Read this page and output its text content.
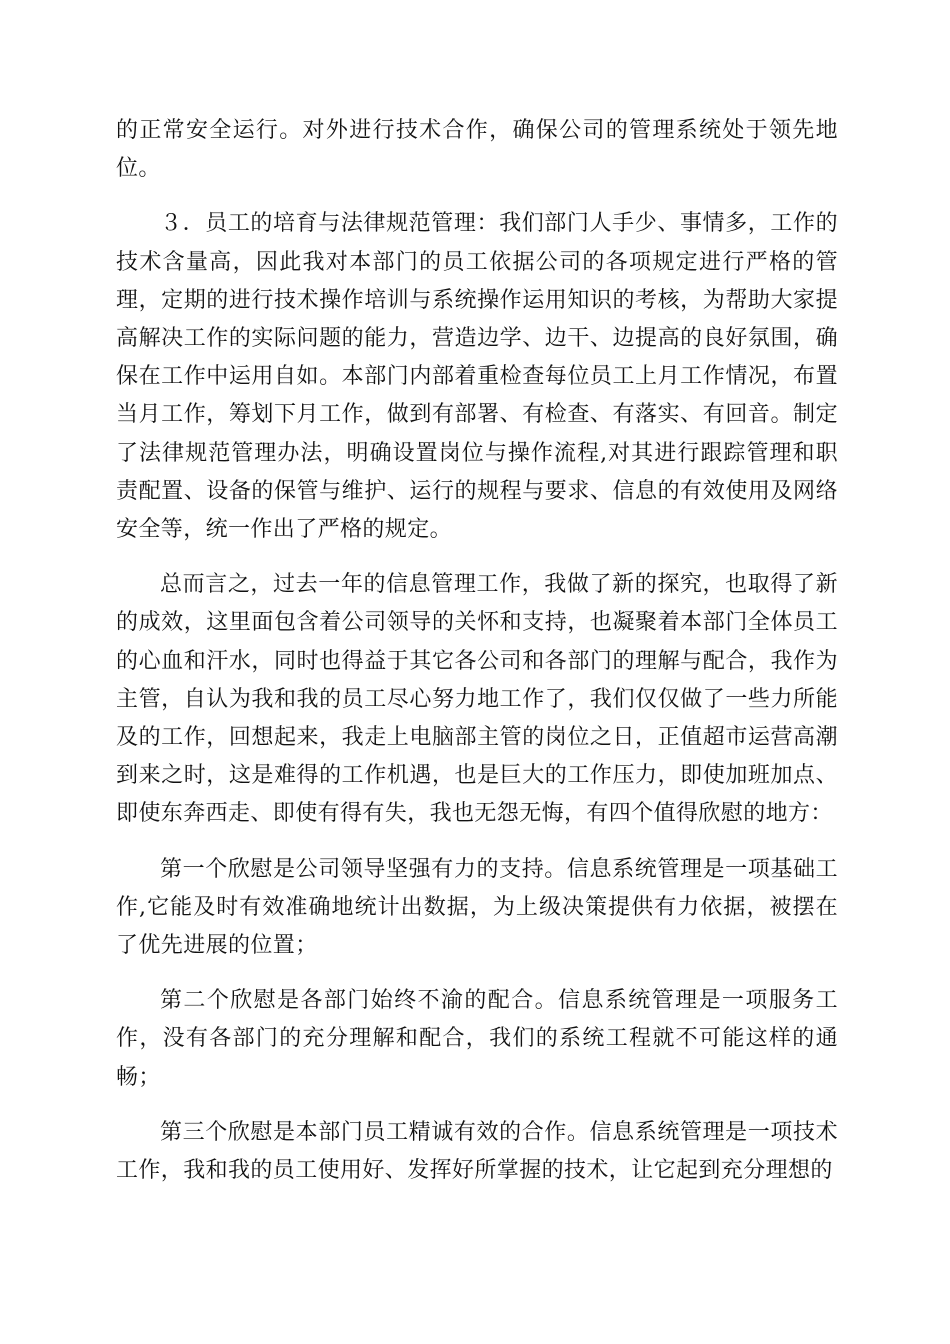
的正常安全运行。对外进行技术合作，确保公司的管理系统处于领先地位。

３．员工的培育与法律规范管理：我们部门人手少、事情多，工作的技术含量高，因此我对本部门的员工依据公司的各项规定进行严格的管理，定期的进行技术操作培训与系统操作运用知识的考核，为帮助大家提高解决工作的实际问题的能力，营造边学、边干、边提高的良好氛围，确保在工作中运用自如。本部门内部着重检查每位员工上月工作情况，布置当月工作，筹划下月工作，做到有部署、有检查、有落实、有回音。制定了法律规范管理办法，明确设置岗位与操作流程,对其进行跟踪管理和职责配置、设备的保管与维护、运行的规程与要求、信息的有效使用及网络安全等，统一作出了严格的规定。

总而言之，过去一年的信息管理工作，我做了新的探究，也取得了新的成效，这里面包含着公司领导的关怀和支持，也凝聚着本部门全体员工的心血和汗水，同时也得益于其它各公司和各部门的理解与配合，我作为主管，自认为我和我的员工尽心努力地工作了，我们仅仅做了一些力所能及的工作，回想起来，我走上电脑部主管的岗位之日，正值超市运营高潮到来之时，这是难得的工作机遇，也是巨大的工作压力，即使加班加点、即使东奔西走、即使有得有失，我也无怨无悔，有四个值得欣慰的地方：

第一个欣慰是公司领导坚强有力的支持。信息系统管理是一项基础工作,它能及时有效准确地统计出数据，为上级决策提供有力依据，被摆在了优先进展的位置；

第二个欣慰是各部门始终不渝的配合。信息系统管理是一项服务工作，没有各部门的充分理解和配合，我们的系统工程就不可能这样的通畅；

第三个欣慰是本部门员工精诚有效的合作。信息系统管理是一项技术工作，我和我的员工使用好、发挥好所掌握的技术，让它起到充分理想的
